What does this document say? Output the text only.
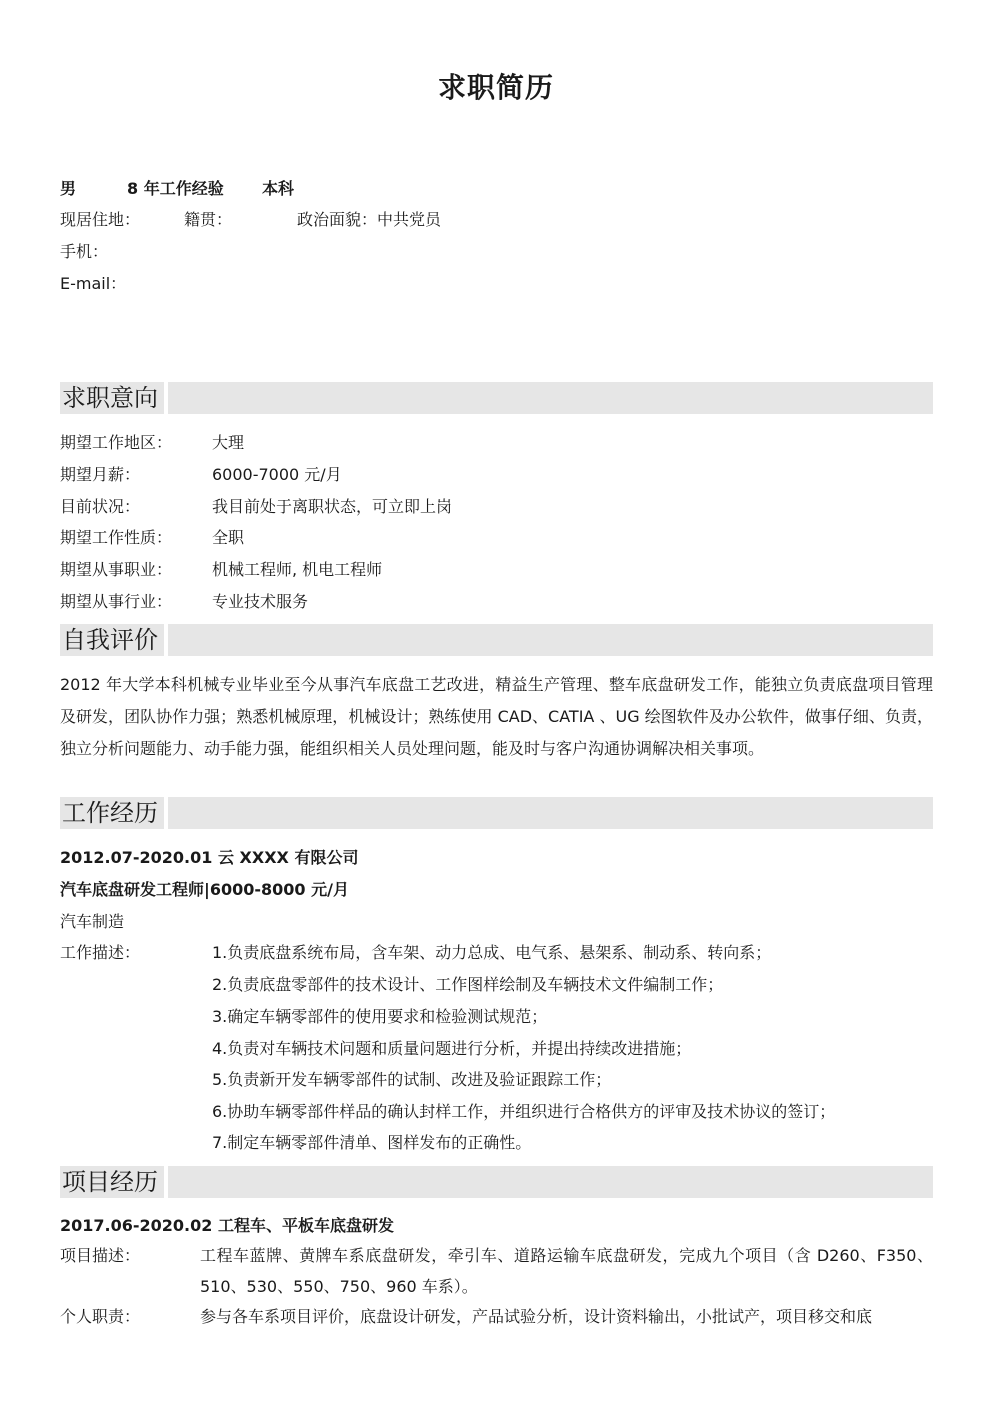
求职简历
男	8 年工作经验 本科
现居住地：	籍贯：	政治面貌：中共党员
手机：
E-mail：
求职意向
期望工作地区： 大理
期望月薪：	6000-7000 元/月
目前状况：	我目前处于离职状态，可立即上岗
期望工作性质： 全职
期望从事职业： 机械工程师, 机电工程师
期望从事行业： 专业技术服务
自我评价
2012 年大学本科机械专业毕业至今从事汽车底盘工艺改进，精益生产管理、整车底盘研发工作，能独立负责底盘项目管理及研发，团队协作力强；熟悉机械原理，机械设计；熟练使用 CAD、CATIA 、UG 绘图软件及办公软件，做事仔细、负责，独立分析问题能力、动手能力强，能组织相关人员处理问题，能及时与客户沟通协调解决相关事项。
工作经历
2012.07-2020.01 云 XXXX 有限公司
汽车底盘研发工程师|6000-8000 元/月
汽车制造
工作描述：	1.负责底盘系统布局，含车架、动力总成、电气系、悬架系、制动系、转向系；
2.负责底盘零部件的技术设计、工作图样绘制及车辆技术文件编制工作；
3.确定车辆零部件的使用要求和检验测试规范；
4.负责对车辆技术问题和质量问题进行分析，并提出持续改进措施；
5.负责新开发车辆零部件的试制、改进及验证跟踪工作；
6.协助车辆零部件样品的确认封样工作，并组织进行合格供方的评审及技术协议的签订；
7.制定车辆零部件清单、图样发布的正确性。
项目经历
2017.06-2020.02 工程车、平板车底盘研发
项目描述：	工程车蓝牌、黄牌车系底盘研发，牵引车、道路运输车底盘研发，完成九个项目（含 D260、F350、510、530、550、750、960 车系）。
个人职责：	参与各车系项目评价，底盘设计研发，产品试验分析，设计资料输出，小批试产，项目移交和底
